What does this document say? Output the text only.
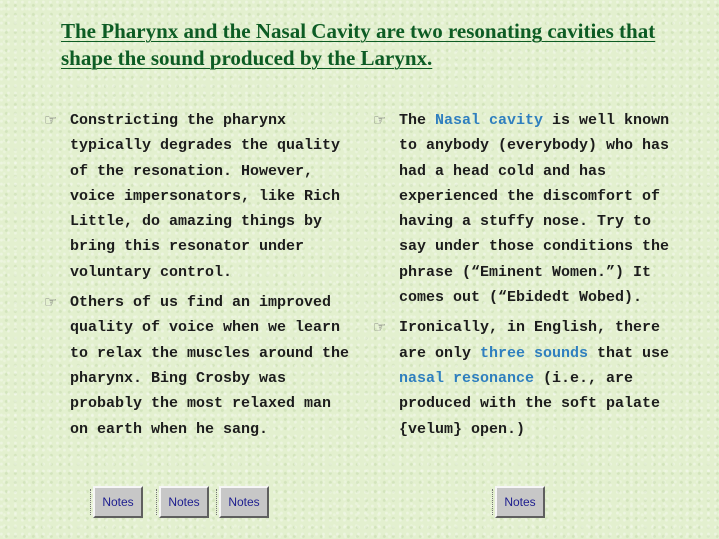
The Pharynx and the Nasal Cavity are two resonating cavities that shape the sound produced by the Larynx.

☞ Constricting the pharynx typically degrades the quality of the resonation. However, voice impersonators, like Rich Little, do amazing things by bring this resonator under voluntary control.

☞ Others of us find an improved quality of voice when we learn to relax the muscles around the pharynx. Bing Crosby was probably the most relaxed man on earth when he sang.

☞ The Nasal cavity is well known to anybody (everybody) who has had a head cold and has experienced the discomfort of having a stuffy nose. Try to say under those conditions the phrase (“Eminent Women.”) It comes out (“Ebidedt Wobed).

☞ Ironically, in English, there are only three sounds that use nasal resonance (i.e., are produced with the soft palate {velum} open.)

Notes	Notes	Notes	Notes
